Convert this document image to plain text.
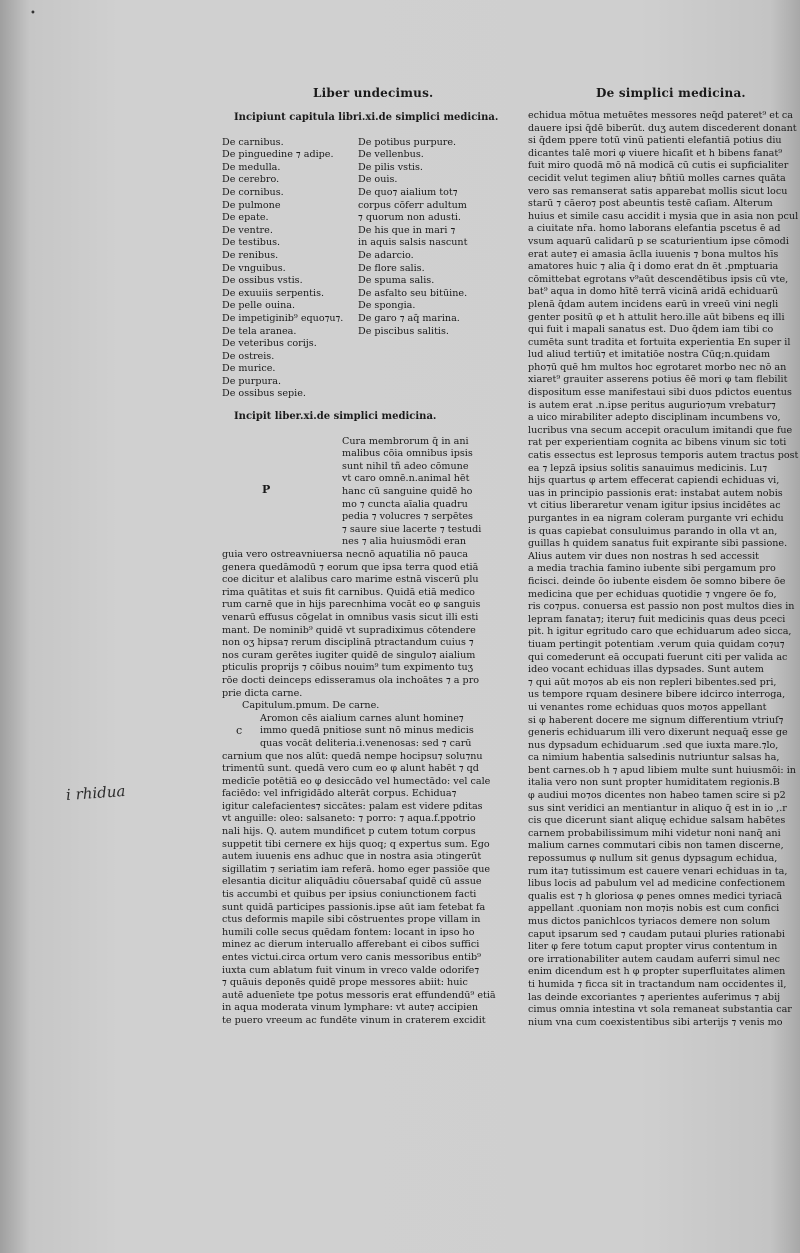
•
Liber undecimus.	De simplici medicina.
Incipiunt capitula libri.xi.de simplici medicina.
De carnibus.	De potibus purpure.
De pinguedine ⁊ adipe.	De vellenbus.
De medulla.	De pilis vstis.
De cerebro.	De ouis.
De cornibus.	De quo⁊ aialium tot⁊
De pulmone	corpus cōferr adultum
De epate.	⁊ quorum non adusti.
De ventre.	De his que in mari ⁊
De testibus.	in aquis salsis nascunt
De renibus.	De adarcio.
De vnguibus.	De flore salis.
De ossibus vstis.	De spuma salis.
De exuuiis serpentis.	De asfalto seu bitūine.
De pelle ouina.	De spongia.
De impetiginib⁹ equo⁊u⁊.	De garo ⁊ aq̄ marina.
De tela aranea.	De piscibus salitis.
De veteribus corijs.
De ostreis.
De murice.
De purpura.
De ossibus sepie.
Incipit liber.xi.de simplici medicina.
P
Cura membrorum q̄ in ani
malibus cōia omnibus ipsis
sunt nihil tñ adeo cōmune
vt caro omnē.n.animal hēt
hanc cū sanguine quidē ho
mo ⁊ cuncta aīalia quadru
pedia ⁊ volucres ⁊ serpētes
⁊ saure siue lacerte ⁊ testudi
nes ⁊ alia huiusmōdi eran
guia vero ostreavniuersa necnō aquatilia nō pauca
genera quedāmodū ⁊ eorum que ipsa terra quod etiā
coe dicitur et alalibus caro marime estnā viscerū plu
rima quātitas et suis fit carnibus. Quidā etiā medico
rum carnē que in hijs parecnhima vocāt eo φ sanguis
venarū effusus cōgelat in omnibus vasis sicut illi esti
mant. De nominib⁹ quidē vt supradiximus cōtendere
non oʒ hipsa⁊ rerum disciplinā ptractandum cuius ⁊
nos curam gerētes iugiter quidē de singulo⁊ aialium
pticulis proprijs ⁊ cōibus nouim⁹ tum expimento tuʒ
rōe docti deinceps edisseramus ola inchoātes ⁊ a pro
prie dicta carne.
Capitulum.pmum. De carne.
c
Aromon cēs aialium carnes alunt homine⁊
immo quedā pnitiose sunt nō minus medicis
quas vocāt deliteria.i.venenosas: sed ⁊ carū
carnium que nos alūt: quedā nempe hocipsu⁊ solu⁊nu
trimentū sunt. quedā vero cum eo φ alunt habēt ⁊ qd
medicīe potētiā eo φ desiccādo vel humectādo: vel cale
faciēdo: vel infrigidādo alterāt corpus. Echidua⁊
igitur calefacientes⁊ siccātes: palam est videre pditas
vt anguille: oleo: salsaneto: ⁊ porro: ⁊ aqua.f.ppotrio
nali hijs. Q. autem mundificet p cutem totum corpus
suppetit tibi cernere ex hijs quoq; q expertus sum. Ego
autem iuuenis ens adhuc que in nostra asia ɔtingerūt
sigillatim ⁊ seriatim iam referā. homo eger passiōe que
elesantia dicitur aliquādiu cōuersabaſ quidē cū assue
tis accumbi et quibus per ipsius coniunctionem facti
sunt quidā participes passionis.ipse aūt iam fetebat fa
ctus deformis mapile sibi cōstruentes prope villam in
humili colle secus quēdam fontem: locant in ipso ho
minez ac dierum interuallo afferebant ei cibos suffici
entes victui.circa ortum vero canis messoribus entib⁹
iuxta cum ablatum fuit vinum in vreco valde odorife⁊
⁊ quāuis deponēs quidē prope messores abiit: huic
autē aduenīete tpe potus messoris erat effundendū⁹ etiā
in aqua moderata vinum lymphare: vt aute⁊ accipien
te puero vreeum ac fundēte vinum in craterem excidit
echidua mōtua metuētes messores neq̄d pateret⁹ et ca
dauere ipsi q̄dē biberūt. duʒ autem discederent donant
si q̄dem ppere totū vinū patienti elefantiā potius diu
dicantes talē mori φ viuere hicaſit et h bibens fanat⁹
fuit miro quodā mō nā modicā cū cutis ei supficialiter
cecidit velut tegimen aliu⁊ bñtiū molles carnes quāta
vero sas remanserat satis apparebat mollis sicut locu
starū ⁊ cāero⁊ post abeuntis testē caſiam. Alterum
huius et simile casu accidit i mysia que in asia non pcul
a ciuitate nr̄a. homo laborans elefantia pscetus ē ad
vsum aquarū calidarū p se scaturientium ipse cōmodi
erat aute⁊ ei amasia āclla iuuenis ⁊ bona multos hīs
amatores huic ⁊ alia q̄ i domo erat dn ēt .pmptuaria
cōmittebat egrotans v⁹aūt descendētibus ipsis cū vte,
bat⁹ aqua in domo hītē terrā vicinā aridā echiduarū
plenā q̄dam autem incidens earū in vreeū vini negli
genter positū φ et h attulit hero.ille aūt bibens eq illi
qui fuit i mapali sanatus est. Duo q̄dem iam tibi co
cumēta sunt tradita et fortuita experientia En super il
lud aliud tertiū⁊ et imitatiōe nostra Cūq;n.quidam
pho⁊ū quē hm multos hoc egrotaret morbo nec nō an
xiaret⁹ grauiter asserens potius ēē mori φ tam flebilit
dispositum esse manifestaui sibi duos pdictos euentus
is autem erat .n.ipse peritus augurio⁊um vrebatur⁊
a uico mirabiliter adepto disciplinam incumbens vo,
lucribus vna secum accepit oraculum imitandi que fue
rat per experientiam cognita ac bibens vinum sic toti
catis essectus est leprosus temporis autem tractus post
ea ⁊ lepzā ipsius solitis sanauimus medicinis. Lu⁊
hijs quartus φ artem effecerat capiendi echiduas vi,
uas in principio passionis erat: instabat autem nobis
vt citius liberaretur venam igitur ipsius incidētes ac
purgantes in ea nigram coleram purgante vri echidu
is quas capiebat consuluimus parando in olla vt an,
guillas h quidem sanatus fuit expirante sibi passione.
Alius autem vir dues non nostras h sed accessit
a media trachia famino iubente sibi pergamum pro
ficisci. deinde ōo iubente eisdem ōe somno bibere ōe
medicina que per echiduas quotidie ⁊ vngere ōe fo,
ris co⁊pus. conuersa est passio non post multos dies in
lepram fanata⁊; iteru⁊ fuit medicinis quas deus pceci
pit. h igitur egritudo caro que echiduarum adeo sicca,
tiuam pertingit potentiam .verum quia quidam co⁊u⁊
qui comederunt eā occupati fuerunt citi per valida ac
ideo vocant echiduas illas dypsades. Sunt autem
⁊ qui aūt mo⁊os ab eis non repleri bibentes.sed pri,
us tempore rquam desinere bibere idcirco interroga,
ui venantes rome echiduas quos mo⁊os appellant
si φ haberent docere me signum differentium vtriuſ⁊
generis echiduarum illi vero dixerunt nequaq̄ esse ge
nus dypsadum echiduarum .sed que iuxta mare.⁊lo,
ca nimium habentia salsedinis nutriuntur salsas ha,
bent carnes.ob h ⁊ apud libiem multe sunt huiusmōi: in
italia vero non sunt propter humiditatem regionis.B
φ audiui mo⁊os dicentes non habeo tamen scire si p2
sus sint veridici an mentiantur in aliquo q̄ est in io ,.r
cis que dicerunt siant aliquę echidue salsam habētes
carnem probabilissimum mihi videtur noni nanq̄ ani
malium carnes commutari cibis non tamen discerne,
repossumus φ nullum sit genus dypsagum echidua,
rum ita⁊ tutissimum est cauere venari echiduas in ta,
libus locis ad pabulum vel ad medicine confectionem
qualis est ⁊ h gloriosa φ penes omnes medici tyriacā
appellant .quoniam non mo⁊is nobis est cum confici
mus dictos panichlcos tyriacos demere non solum
caput ipsarum sed ⁊ caudam putaui pluries rationabi
liter φ fere totum caput propter virus contentum in
ore irrationabiliter autem caudam auferri simul nec
enim dicendum est h φ propter superfluitates alimen
ti humida ⁊ ficca sit in tractandum nam occidentes il,
las deinde excoriantes ⁊ aperientes auferimus ⁊ abij
cimus omnia intestina vt sola remaneat substantia car
nium vna cum coexistentibus sibi arterijs ⁊ venis mo
i rhidua
